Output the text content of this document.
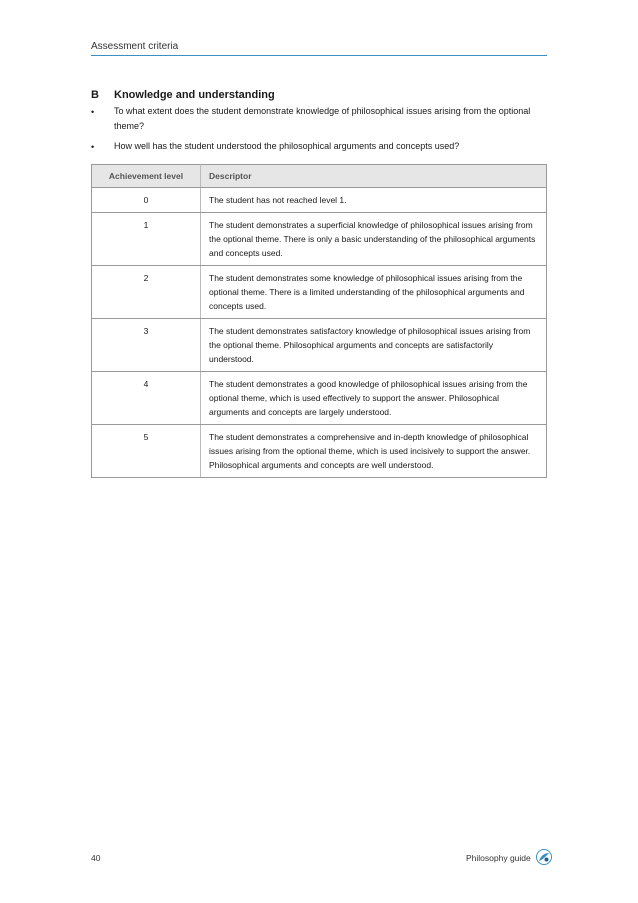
Assessment criteria
B Knowledge and understanding
• To what extent does the student demonstrate knowledge of philosophical issues arising from the optional theme?
• How well has the student understood the philosophical arguments and concepts used?
Achievement level	Descriptor
0	The student has not reached level 1.
1	The student demonstrates a superficial knowledge of philosophical issues arising from the optional theme. There is only a basic understanding of the philosophical arguments and concepts used.
2	The student demonstrates some knowledge of philosophical issues arising from the optional theme. There is a limited understanding of the philosophical arguments and concepts used.
3	The student demonstrates satisfactory knowledge of philosophical issues arising from the optional theme. Philosophical arguments and concepts are satisfactorily understood.
4	The student demonstrates a good knowledge of philosophical issues arising from the optional theme, which is used effectively to support the answer. Philosophical arguments and concepts are largely understood.
5	The student demonstrates a comprehensive and in-depth knowledge of philosophical issues arising from the optional theme, which is used incisively to support the answer. Philosophical arguments and concepts are well understood.
40	Philosophy guide
